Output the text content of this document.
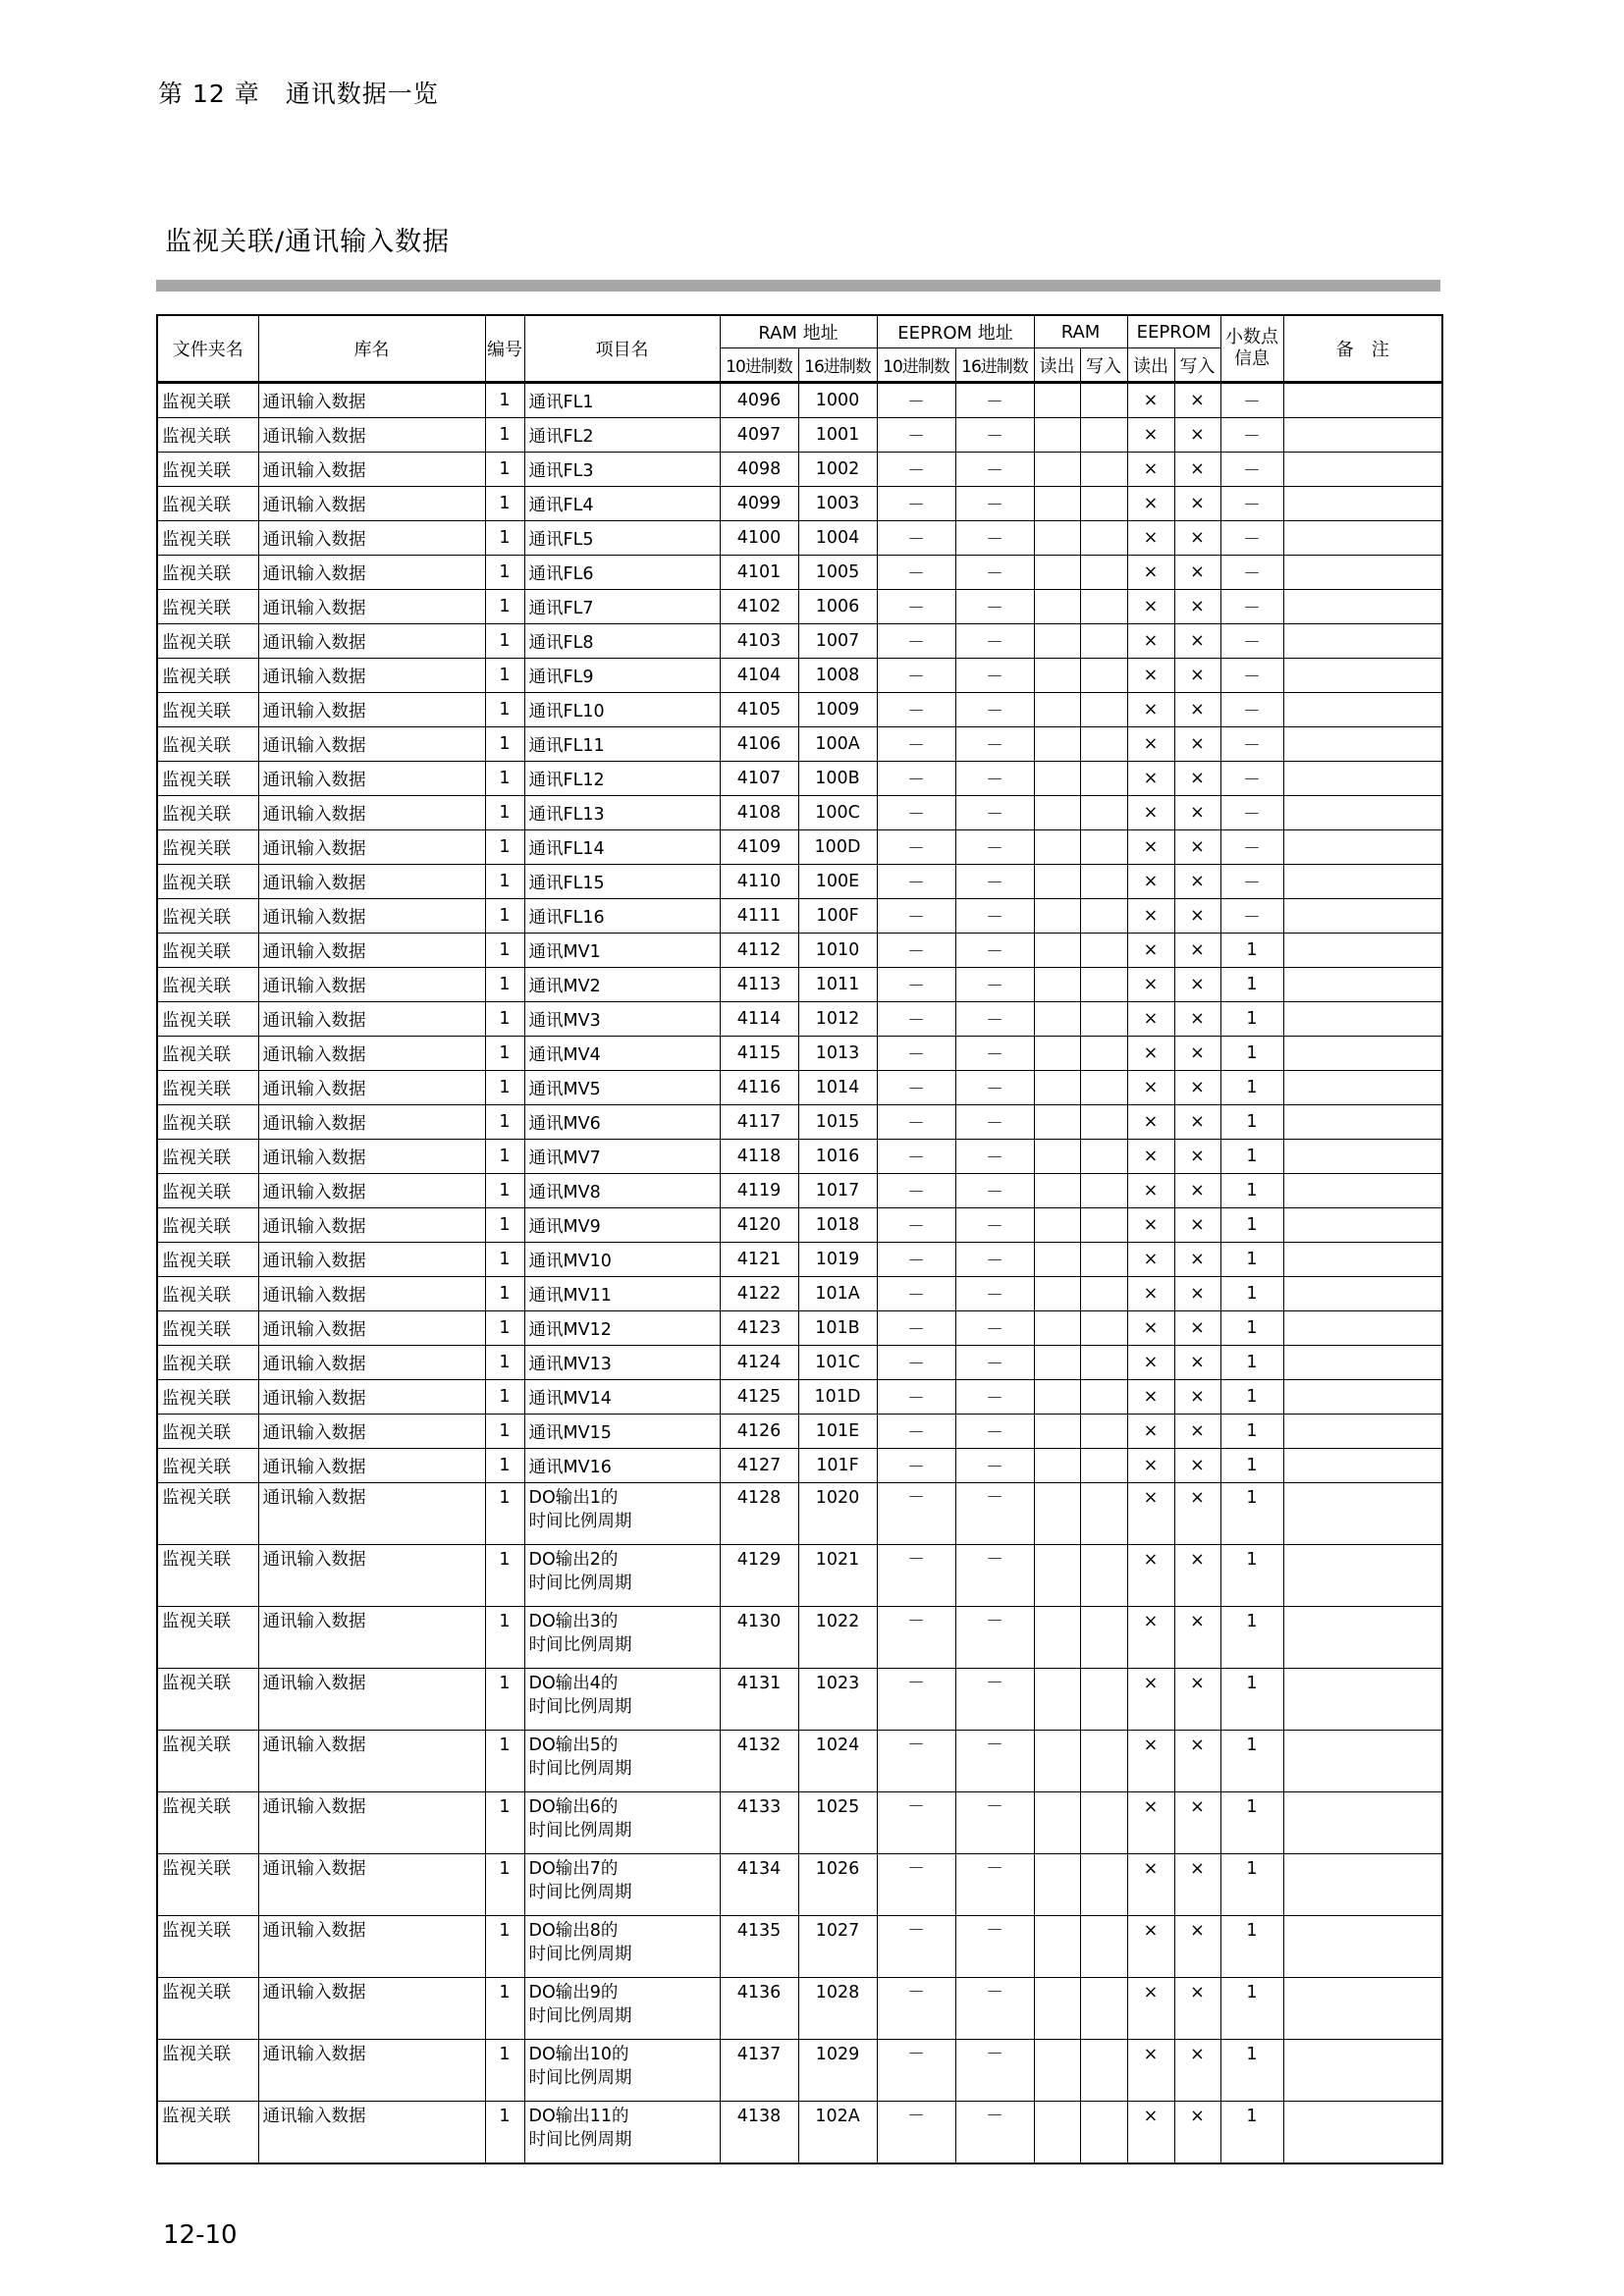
第 12 章　通讯数据一览
监视关联/通讯输入数据
文件夹名	库名	编号	项目名	RAM 地址		EEPROM 地址		RAM		EEPROM		小数点
信息	备　注
				10进制数	16进制数	10进制数	16进制数	读出	写入	读出	写入		
监视关联	通讯输入数据	1	通讯FL1	4096	1000	－	－			×	×	－	
监视关联	通讯输入数据	1	通讯FL2	4097	1001	－	－			×	×	－	
监视关联	通讯输入数据	1	通讯FL3	4098	1002	－	－			×	×	－	
监视关联	通讯输入数据	1	通讯FL4	4099	1003	－	－			×	×	－	
监视关联	通讯输入数据	1	通讯FL5	4100	1004	－	－			×	×	－	
监视关联	通讯输入数据	1	通讯FL6	4101	1005	－	－			×	×	－	
监视关联	通讯输入数据	1	通讯FL7	4102	1006	－	－			×	×	－	
监视关联	通讯输入数据	1	通讯FL8	4103	1007	－	－			×	×	－	
监视关联	通讯输入数据	1	通讯FL9	4104	1008	－	－			×	×	－	
监视关联	通讯输入数据	1	通讯FL10	4105	1009	－	－			×	×	－	
监视关联	通讯输入数据	1	通讯FL11	4106	100A	－	－			×	×	－	
监视关联	通讯输入数据	1	通讯FL12	4107	100B	－	－			×	×	－	
监视关联	通讯输入数据	1	通讯FL13	4108	100C	－	－			×	×	－	
监视关联	通讯输入数据	1	通讯FL14	4109	100D	－	－			×	×	－	
监视关联	通讯输入数据	1	通讯FL15	4110	100E	－	－			×	×	－	
监视关联	通讯输入数据	1	通讯FL16	4111	100F	－	－			×	×	－	
监视关联	通讯输入数据	1	通讯MV1	4112	1010	－	－			×	×	1	
监视关联	通讯输入数据	1	通讯MV2	4113	1011	－	－			×	×	1	
监视关联	通讯输入数据	1	通讯MV3	4114	1012	－	－			×	×	1	
监视关联	通讯输入数据	1	通讯MV4	4115	1013	－	－			×	×	1	
监视关联	通讯输入数据	1	通讯MV5	4116	1014	－	－			×	×	1	
监视关联	通讯输入数据	1	通讯MV6	4117	1015	－	－			×	×	1	
监视关联	通讯输入数据	1	通讯MV7	4118	1016	－	－			×	×	1	
监视关联	通讯输入数据	1	通讯MV8	4119	1017	－	－			×	×	1	
监视关联	通讯输入数据	1	通讯MV9	4120	1018	－	－			×	×	1	
监视关联	通讯输入数据	1	通讯MV10	4121	1019	－	－			×	×	1	
监视关联	通讯输入数据	1	通讯MV11	4122	101A	－	－			×	×	1	
监视关联	通讯输入数据	1	通讯MV12	4123	101B	－	－			×	×	1	
监视关联	通讯输入数据	1	通讯MV13	4124	101C	－	－			×	×	1	
监视关联	通讯输入数据	1	通讯MV14	4125	101D	－	－			×	×	1	
监视关联	通讯输入数据	1	通讯MV15	4126	101E	－	－			×	×	1	
监视关联	通讯输入数据	1	通讯MV16	4127	101F	－	－			×	×	1	
监视关联	通讯输入数据	1	DO输出1的
时间比例周期	4128	1020	－	－			×	×	1	
监视关联	通讯输入数据	1	DO输出2的
时间比例周期	4129	1021	－	－			×	×	1	
监视关联	通讯输入数据	1	DO输出3的
时间比例周期	4130	1022	－	－			×	×	1	
监视关联	通讯输入数据	1	DO输出4的
时间比例周期	4131	1023	－	－			×	×	1	
监视关联	通讯输入数据	1	DO输出5的
时间比例周期	4132	1024	－	－			×	×	1	
监视关联	通讯输入数据	1	DO输出6的
时间比例周期	4133	1025	－	－			×	×	1	
监视关联	通讯输入数据	1	DO输出7的
时间比例周期	4134	1026	－	－			×	×	1	
监视关联	通讯输入数据	1	DO输出8的
时间比例周期	4135	1027	－	－			×	×	1	
监视关联	通讯输入数据	1	DO输出9的
时间比例周期	4136	1028	－	－			×	×	1	
监视关联	通讯输入数据	1	DO输出10的
时间比例周期	4137	1029	－	－			×	×	1	
监视关联	通讯输入数据	1	DO输出11的
时间比例周期	4138	102A	－	－			×	×	1	
12-10
